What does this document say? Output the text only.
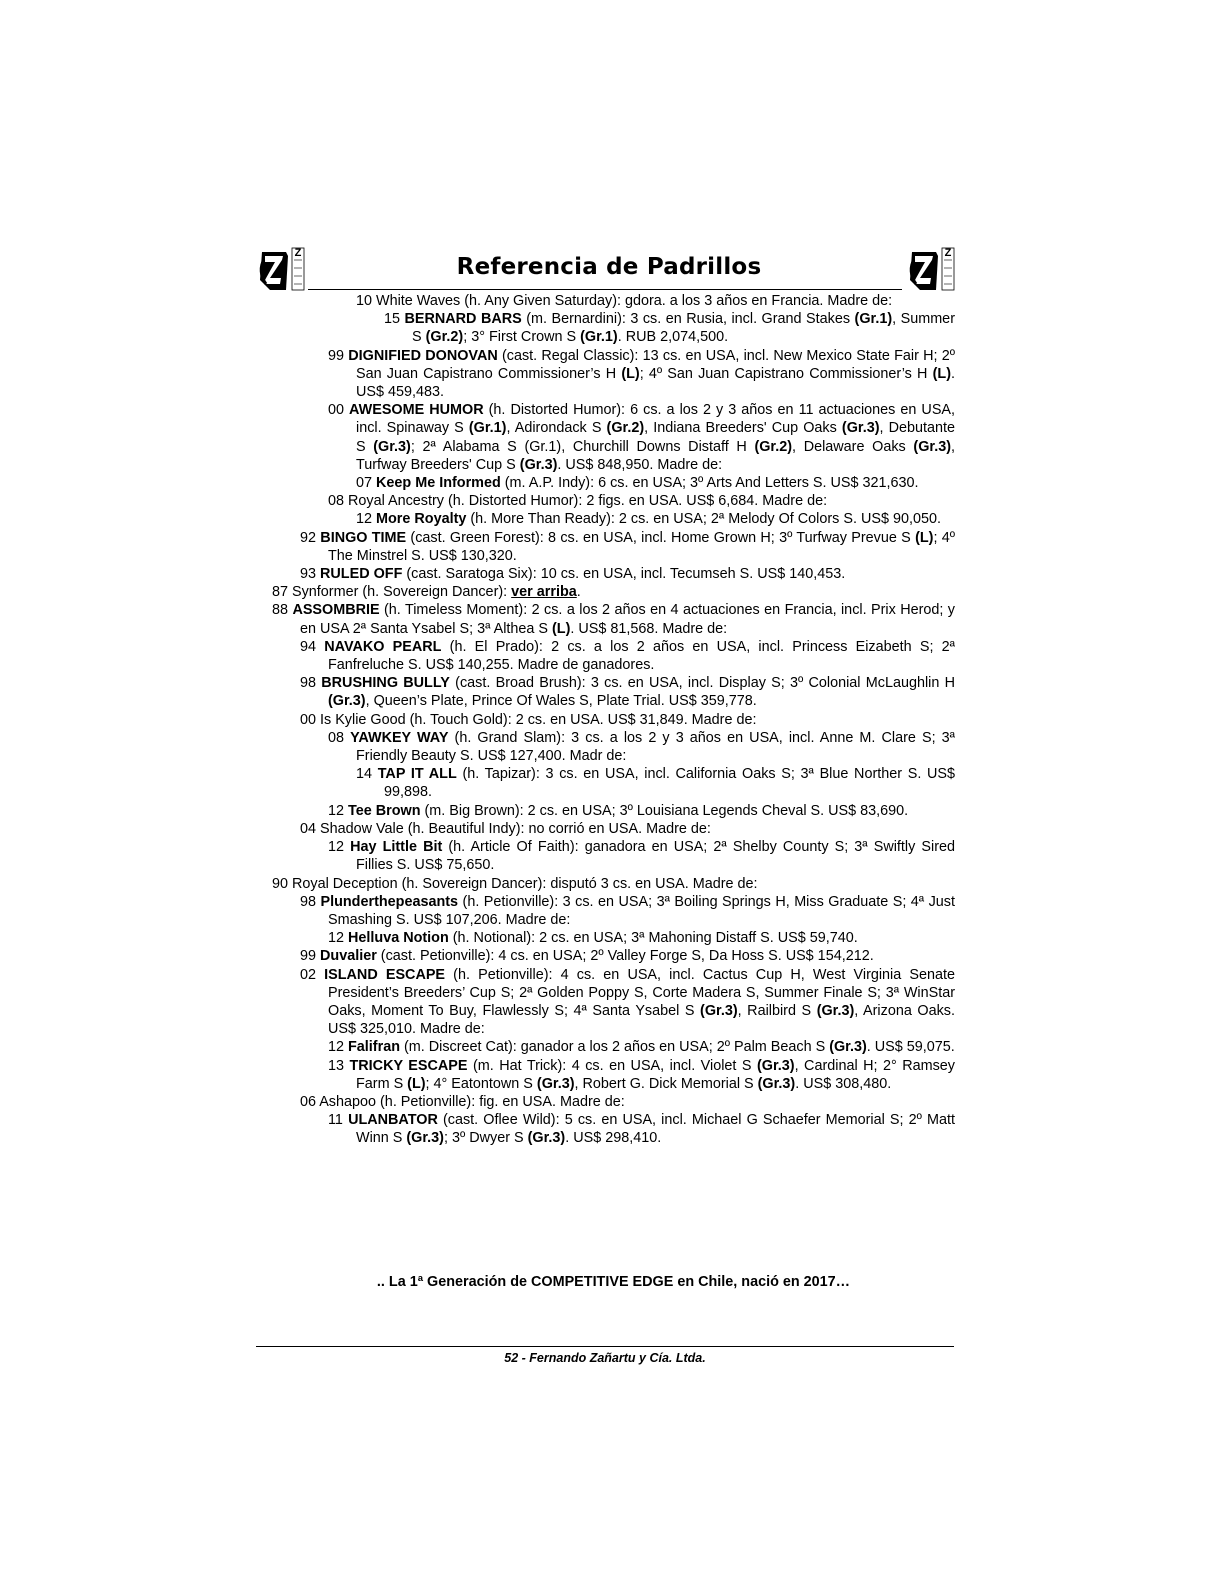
Z
Referencia de Padrillos
Z

10 White Waves (h. Any Given Saturday): gdora. a los 3 años en Francia. Madre de:

15 BERNARD BARS (m. Bernardini): 3 cs. en Rusia, incl. Grand Stakes (Gr.1), Summer S (Gr.2); 3° First Crown S (Gr.1). RUB 2,074,500.

99 DIGNIFIED DONOVAN (cast. Regal Classic): 13 cs. en USA, incl. New Mexico State Fair H; 2º San Juan Capistrano Commissioner’s H (L); 4º San Juan Capistrano Commissioner’s H (L). US$ 459,483.

00 AWESOME HUMOR (h. Distorted Humor): 6 cs. a los 2 y 3 años en 11 actuaciones en USA, incl. Spinaway S (Gr.1), Adirondack S (Gr.2), Indiana Breeders' Cup Oaks (Gr.3), Debutante S (Gr.3); 2ª Alabama S (Gr.1), Churchill Downs Distaff H (Gr.2), Delaware Oaks (Gr.3), Turfway Breeders' Cup S (Gr.3). US$ 848,950. Madre de:

07 Keep Me Informed (m. A.P. Indy): 6 cs. en USA; 3º Arts And Letters S. US$ 321,630.

08 Royal Ancestry (h. Distorted Humor): 2 figs. en USA. US$ 6,684. Madre de:

12 More Royalty (h. More Than Ready): 2 cs. en USA; 2ª Melody Of Colors S. US$ 90,050.

92 BINGO TIME (cast. Green Forest): 8 cs. en USA, incl. Home Grown H; 3º Turfway Prevue S (L); 4º The Minstrel S. US$ 130,320.

93 RULED OFF (cast. Saratoga Six): 10 cs. en USA, incl. Tecumseh S. US$ 140,453.

87 Synformer (h. Sovereign Dancer): ver arriba.

88 ASSOMBRIE (h. Timeless Moment): 2 cs. a los 2 años en 4 actuaciones en Francia, incl. Prix Herod; y en USA 2ª Santa Ysabel S; 3ª Althea S (L). US$ 81,568. Madre de:

94 NAVAKO PEARL (h. El Prado): 2 cs. a los 2 años en USA, incl. Princess Eizabeth S; 2ª Fanfreluche S. US$ 140,255. Madre de ganadores.

98 BRUSHING BULLY (cast. Broad Brush): 3 cs. en USA, incl. Display S; 3º Colonial McLaughlin H (Gr.3), Queen’s Plate, Prince Of Wales S, Plate Trial. US$ 359,778.

00 Is Kylie Good (h. Touch Gold): 2 cs. en USA. US$ 31,849. Madre de:

08 YAWKEY WAY (h. Grand Slam): 3 cs. a los 2 y 3 años en USA, incl. Anne M. Clare S; 3ª Friendly Beauty S. US$ 127,400. Madr de:

14 TAP IT ALL (h. Tapizar): 3 cs. en USA, incl. California Oaks S; 3ª Blue Norther S. US$ 99,898.

12 Tee Brown (m. Big Brown): 2 cs. en USA; 3º Louisiana Legends Cheval S. US$ 83,690.

04 Shadow Vale (h. Beautiful Indy): no corrió en USA. Madre de:

12 Hay Little Bit (h. Article Of Faith): ganadora en USA; 2ª Shelby County S; 3ª Swiftly Sired Fillies S. US$ 75,650.

90 Royal Deception (h. Sovereign Dancer): disputó 3 cs. en USA. Madre de:

98 Plunderthepeasants (h. Petionville): 3 cs. en USA; 3ª Boiling Springs H, Miss Graduate S; 4ª Just Smashing S. US$ 107,206. Madre de:

12 Helluva Notion (h. Notional): 2 cs. en USA; 3ª Mahoning Distaff S. US$ 59,740.

99 Duvalier (cast. Petionville): 4 cs. en USA; 2º Valley Forge S, Da Hoss S. US$ 154,212.

02 ISLAND ESCAPE (h. Petionville): 4 cs. en USA, incl. Cactus Cup H, West Virginia Senate President’s Breeders’ Cup S; 2ª Golden Poppy S, Corte Madera S, Summer Finale S; 3ª WinStar Oaks, Moment To Buy, Flawlessly S; 4ª Santa Ysabel S (Gr.3), Railbird S (Gr.3), Arizona Oaks. US$ 325,010. Madre de:

12 Falifran (m. Discreet Cat): ganador a los 2 años en USA; 2º Palm Beach S (Gr.3). US$ 59,075.

13 TRICKY ESCAPE (m. Hat Trick): 4 cs. en USA, incl. Violet S (Gr.3), Cardinal H; 2° Ramsey Farm S (L); 4° Eatontown S (Gr.3), Robert G. Dick Memorial S (Gr.3). US$ 308,480.

06 Ashapoo (h. Petionville): fig. en USA. Madre de:

11 ULANBATOR (cast. Oflee Wild): 5 cs. en USA, incl. Michael G Schaefer Memorial S; 2º Matt Winn S (Gr.3); 3º Dwyer S (Gr.3). US$ 298,410.

.. La 1ª Generación de COMPETITIVE EDGE en Chile, nació en 2017…
52 - Fernando Zañartu y Cía. Ltda.
